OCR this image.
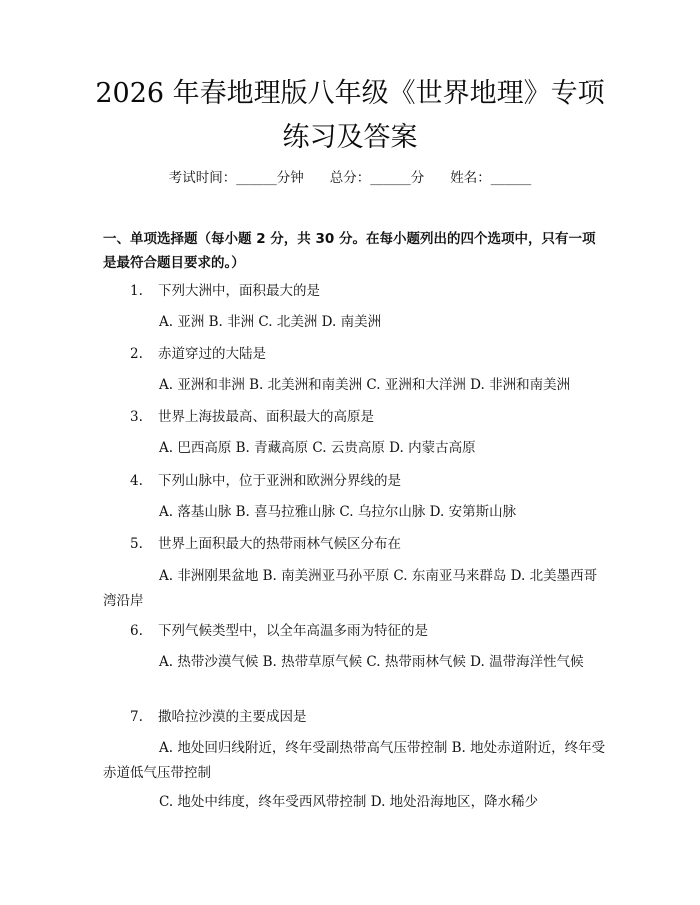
2026 年春地理版八年级《世界地理》专项练习及答案
考试时间：______分钟 总分：______分 姓名：______
一、单项选择题（每小题 2 分，共 30 分。在每小题列出的四个选项中，只有一项是最符合题目要求的。）
1. 下列大洲中，面积最大的是
A. 亚洲 B. 非洲 C. 北美洲 D. 南美洲
2. 赤道穿过的大陆是
A. 亚洲和非洲 B. 北美洲和南美洲 C. 亚洲和大洋洲 D. 非洲和南美洲
3. 世界上海拔最高、面积最大的高原是
A. 巴西高原 B. 青藏高原 C. 云贵高原 D. 内蒙古高原
4. 下列山脉中，位于亚洲和欧洲分界线的是
A. 落基山脉 B. 喜马拉雅山脉 C. 乌拉尔山脉 D. 安第斯山脉
5. 世界上面积最大的热带雨林气候区分布在
A. 非洲刚果盆地 B. 南美洲亚马孙平原 C. 东南亚马来群岛 D. 北美墨西哥湾沿岸
6. 下列气候类型中，以全年高温多雨为特征的是
A. 热带沙漠气候 B. 热带草原气候 C. 热带雨林气候 D. 温带海洋性气候
7. 撒哈拉沙漠的主要成因是
A. 地处回归线附近，终年受副热带高气压带控制 B. 地处赤道附近，终年受赤道低气压带控制
C. 地处中纬度，终年受西风带控制 D. 地处沿海地区，降水稀少
